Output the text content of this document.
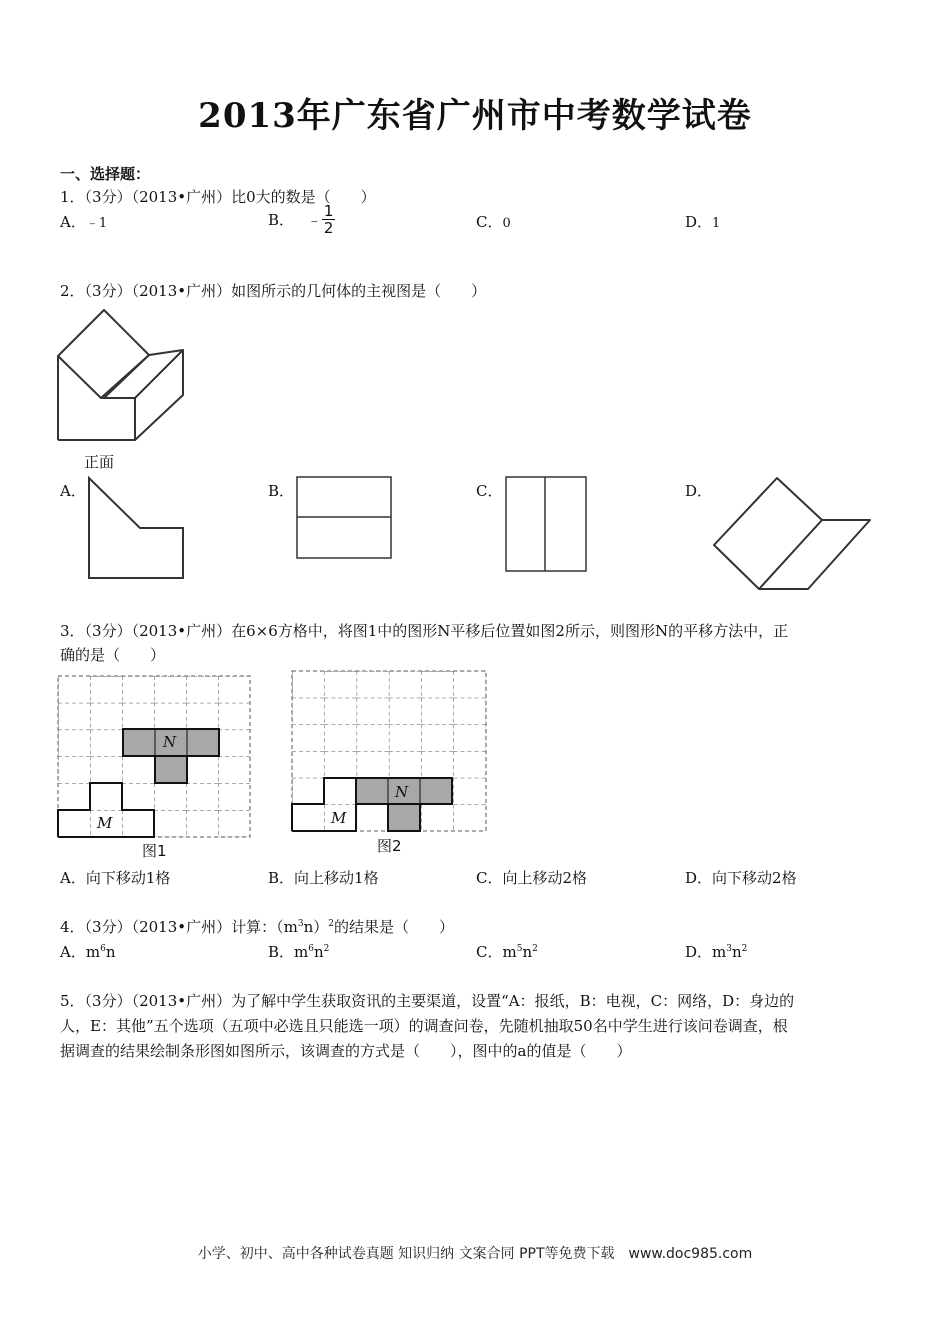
2013年广东省广州市中考数学试卷
一、选择题：
1．（3分）（2013•广州）比0大的数是（　　）
A．﹣1	B． ﹣ $\frac{1}{2}$	C．0	D．1
2．（3分）（2013•广州）如图所示的几何体的主视图是（　　）
正面
A．	B．	C．	D．
3．（3分）（2013•广州）在6×6方格中，将图1中的图形N平移后位置如图2所示，则图形N的平移方法中，正
确的是（　　）
N
M
图1
N
M
图2
A．向下移动1格	B．向上移动1格	C．向上移动2格	D．向下移动2格
4．（3分）（2013•广州）计算：$(m^3n)^2$的结果是（　　）
A．$m^6n$	B．$m^6n^2$	C．$m^5n^2$	D．$m^3n^2$
5．（3分）（2013•广州）为了解中学生获取资讯的主要渠道，设置“A：报纸，B：电视，C：网络，D：身边的
人，E：其他”五个选项（五项中必选且只能选一项）的调查问卷，先随机抽取50名中学生进行该问卷调查，根
据调查的结果绘制条形图如图所示，该调查的方式是（　　），图中的a的值是（　　）
小学、初中、高中各种试卷真题 知识归纳 文案合同 PPT等免费下载　www.doc985.com
